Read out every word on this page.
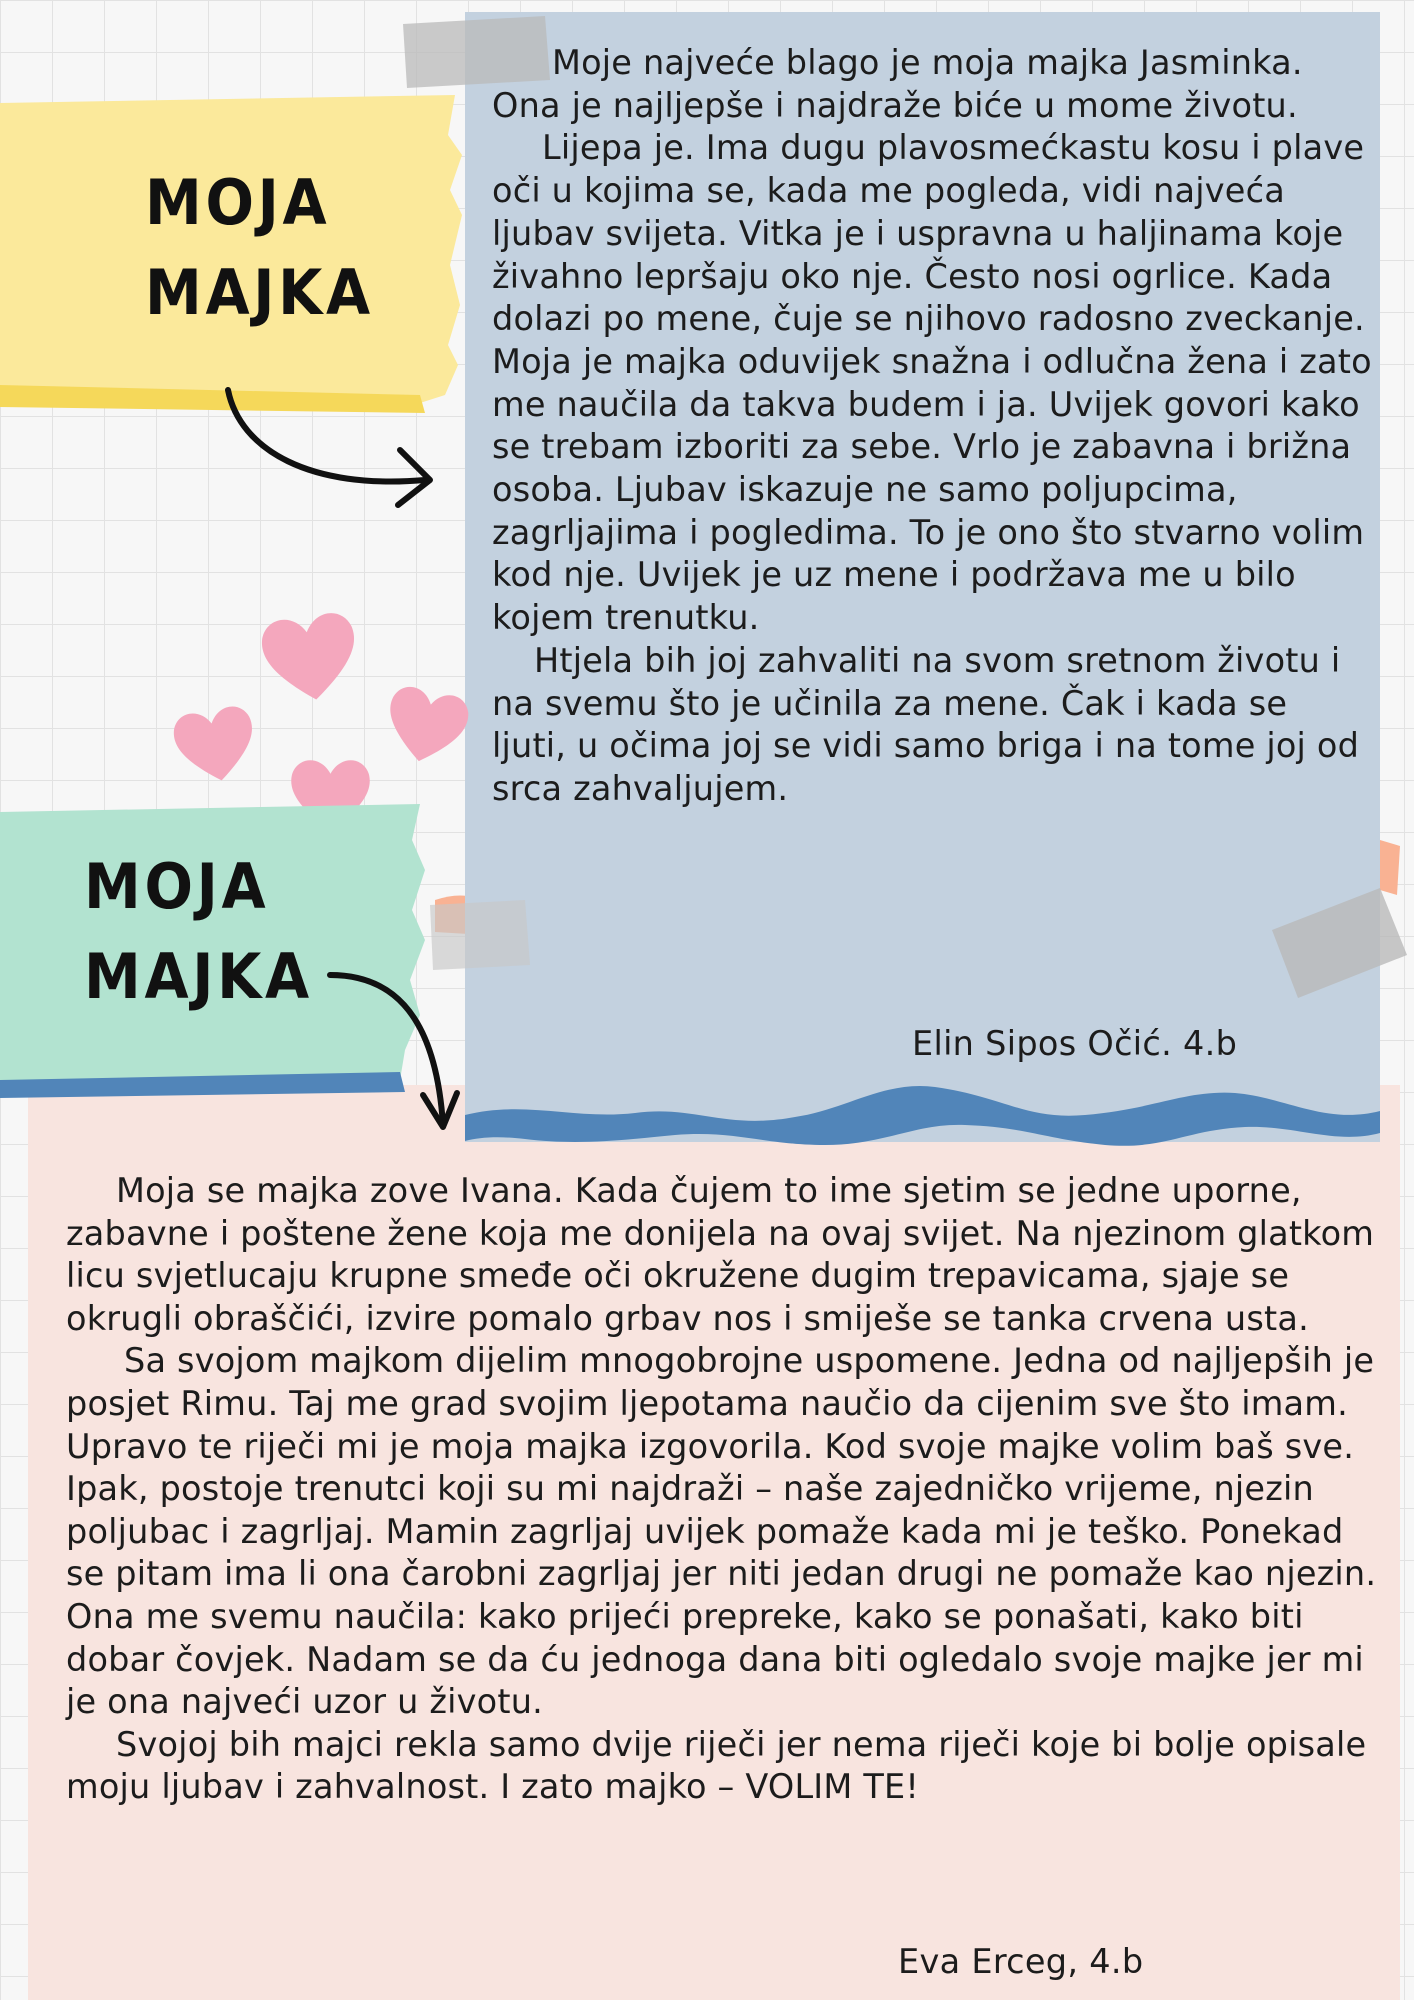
MOJA
MAJKA
MOJA
MAJKA

Moje najveće blago je moja majka Jasminka. Ona je najljepše i najdraže biće u mome životu.

Lijepa je. Ima dugu plavosmećkastu kosu i plave oči u kojima se, kada me pogleda, vidi najveća ljubav svijeta. Vitka je i uspravna u haljinama koje živahno lepršaju oko nje. Često nosi ogrlice. Kada dolazi po mene, čuje se njihovo radosno zveckanje. Moja je majka oduvijek snažna i odlučna žena i zato me naučila da takva budem i ja. Uvijek govori kako se trebam izboriti za sebe. Vrlo je zabavna i brižna osoba. Ljubav iskazuje ne samo poljupcima, zagrljajima i pogledima. To je ono što stvarno volim kod nje. Uvijek je uz mene i podržava me u bilo kojem trenutku.

Htjela bih joj zahvaliti na svom sretnom životu i na svemu što je učinila za mene. Čak i kada se ljuti, u očima joj se vidi samo briga i na tome joj od srca zahvaljujem.

Elin Sipos Očić. 4.b

Moja se majka zove Ivana. Kada čujem to ime sjetim se jedne uporne, zabavne i poštene žene koja me donijela na ovaj svijet. Na njezinom glatkom licu svjetlucaju krupne smeđe oči okružene dugim trepavicama, sjaje se okrugli obraščići, izvire pomalo grbav nos i smiješe se tanka crvena usta.

Sa svojom majkom dijelim mnogobrojne uspomene. Jedna od najljepših je posjet Rimu. Taj me grad svojim ljepotama naučio da cijenim sve što imam. Upravo te riječi mi je moja majka izgovorila. Kod svoje majke volim baš sve. Ipak, postoje trenutci koji su mi najdraži – naše zajedničko vrijeme, njezin poljubac i zagrljaj. Mamin zagrljaj uvijek pomaže kada mi je teško. Ponekad se pitam ima li ona čarobni zagrljaj jer niti jedan drugi ne pomaže kao njezin. Ona me svemu naučila: kako prijeći prepreke, kako se ponašati, kako biti dobar čovjek. Nadam se da ću jednoga dana biti ogledalo svoje majke jer mi je ona najveći uzor u životu.

Svojoj bih majci rekla samo dvije riječi jer nema riječi koje bi bolje opisale moju ljubav i zahvalnost. I zato majko – VOLIM TE!

Eva Erceg, 4.b
